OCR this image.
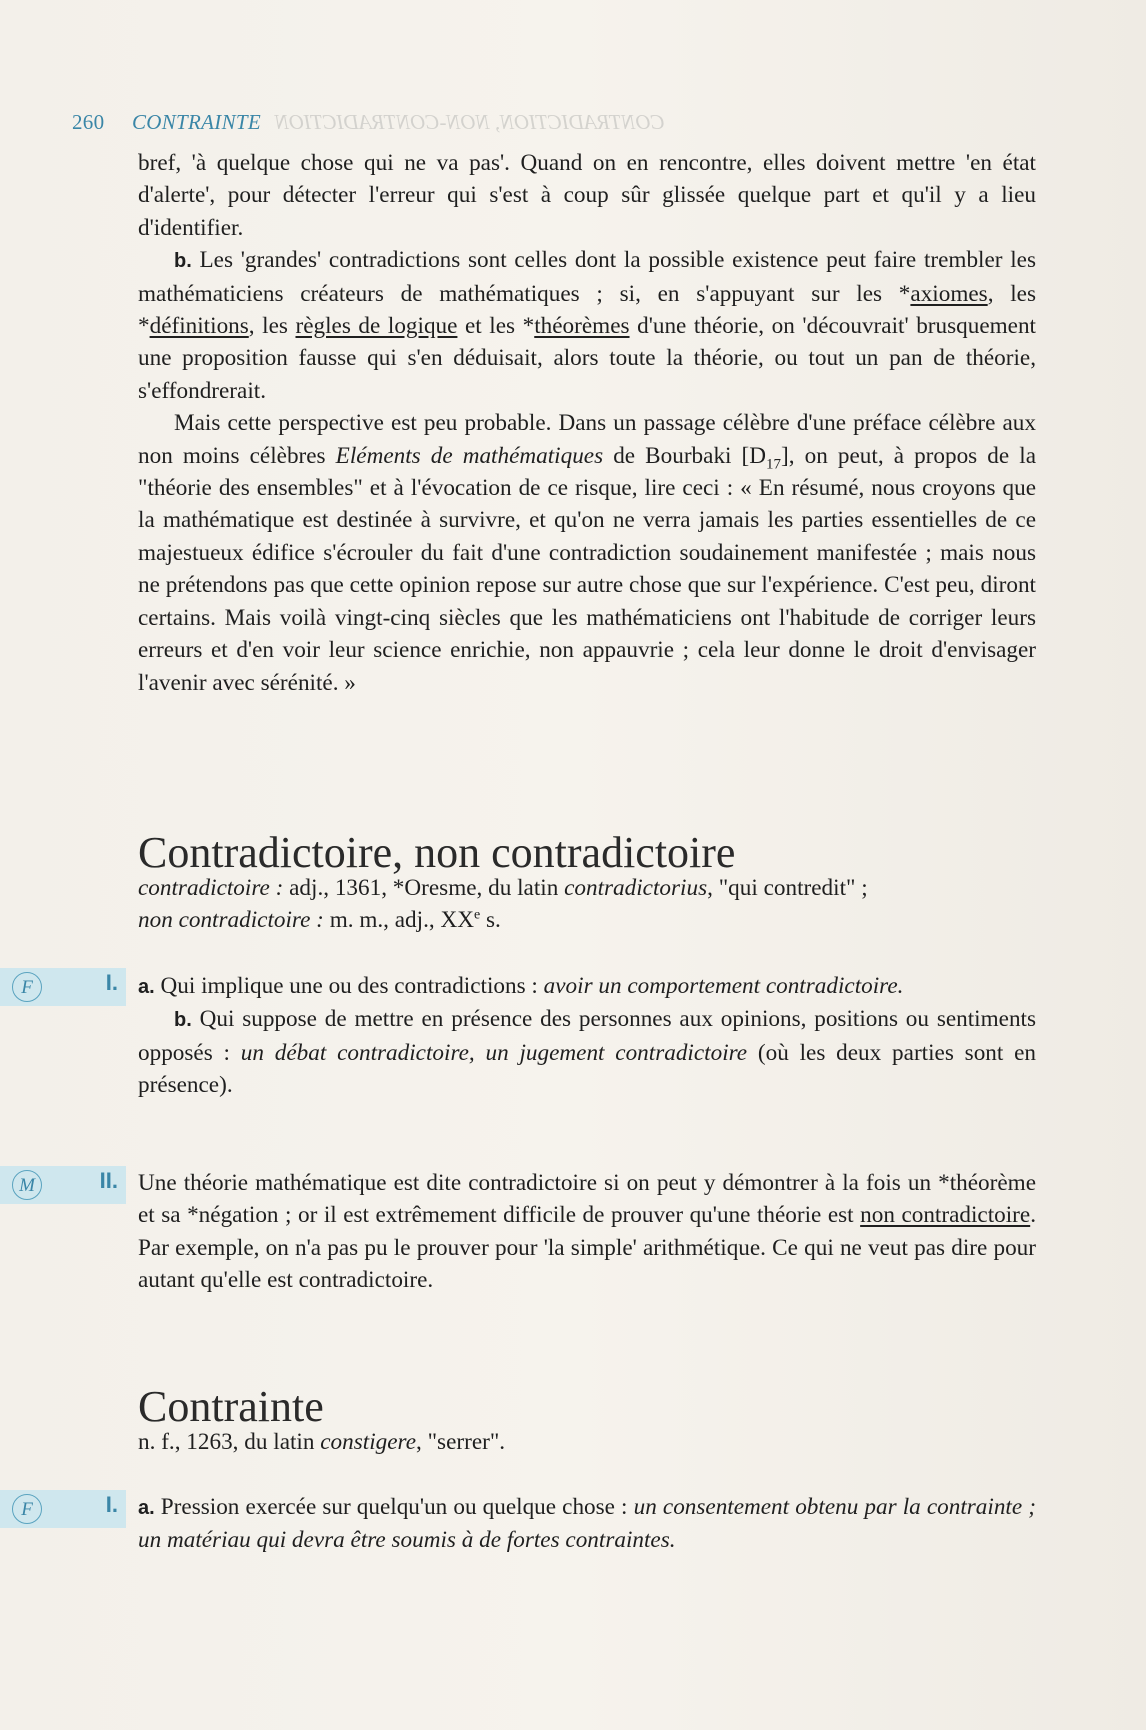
CONTRADICTION, NON-CONTRADICTION
260 CONTRAINTE

bref, 'à quelque chose qui ne va pas'. Quand on en rencontre, elles doivent mettre 'en état d'alerte', pour détecter l'erreur qui s'est à coup sûr glissée quelque part et qu'il y a lieu d'identifier.

b. Les 'grandes' contradictions sont celles dont la possible existence peut faire trembler les mathématiciens créateurs de mathématiques ; si, en s'appuyant sur les *axiomes, les *définitions, les règles de logique et les *théorèmes d'une théorie, on 'découvrait' brusquement une proposition fausse qui s'en déduisait, alors toute la théorie, ou tout un pan de théorie, s'effondrerait.

Mais cette perspective est peu probable. Dans un passage célèbre d'une préface célèbre aux non moins célèbres Eléments de mathématiques de Bourbaki $[D_{17}]$, on peut, à propos de la "théorie des ensembles" et à l'évocation de ce risque, lire ceci : « En résumé, nous croyons que la mathématique est destinée à survivre, et qu'on ne verra jamais les parties essentielles de ce majestueux édifice s'écrouler du fait d'une contradiction soudainement manifestée ; mais nous ne prétendons pas que cette opinion repose sur autre chose que sur l'expérience. C'est peu, diront certains. Mais voilà vingt-cinq siècles que les mathématiciens ont l'habitude de corriger leurs erreurs et d'en voir leur science enrichie, non appauvrie ; cela leur donne le droit d'envisager l'avenir avec sérénité. »

Contradictoire, non contradictoire

contradictoire : adj., 1361, *Oresme, du latin contradictorius, "qui contredit" ;

non contradictoire : m. m., adj., XXe s.

F	I. a. Qui implique une ou des contradictions : avoir un comportement contradictoire.

b. Qui suppose de mettre en présence des personnes aux opinions, positions ou sentiments opposés : un débat contradictoire, un jugement contradictoire (où les deux parties sont en présence).

M	II. Une théorie mathématique est dite contradictoire si on peut y démontrer à la fois un *théorème et sa *négation ; or il est extrêmement difficile de prouver qu'une théorie est non contradictoire. Par exemple, on n'a pas pu le prouver pour 'la simple' arithmétique. Ce qui ne veut pas dire pour autant qu'elle est contradictoire.

Contrainte

n. f., 1263, du latin constigere, "serrer".

F	I. a. Pression exercée sur quelqu'un ou quelque chose : un consentement obtenu par la contrainte ; un matériau qui devra être soumis à de fortes contraintes.
